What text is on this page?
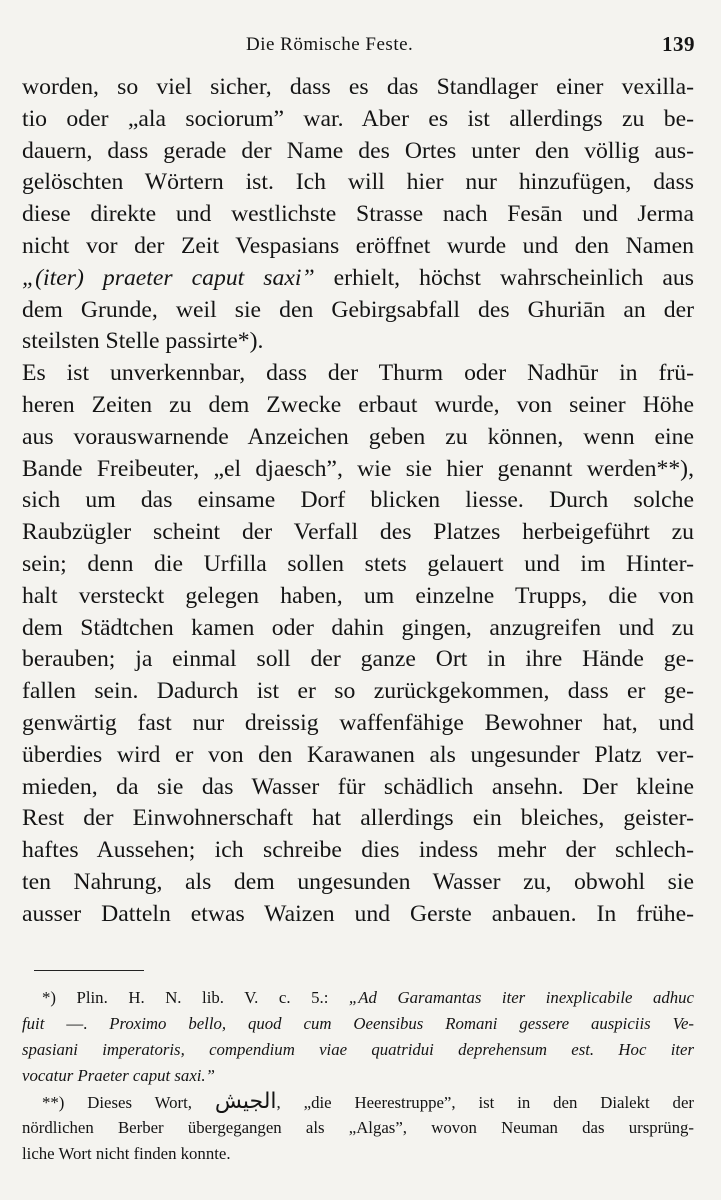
Die Römische Feste.	139
worden, so viel sicher, dass es das Standlager einer vexilla-
tio oder „ala sociorum” war. Aber es ist allerdings zu be-
dauern, dass gerade der Name des Ortes unter den völlig aus-
gelöschten Wörtern ist. Ich will hier nur hinzufügen, dass
diese direkte und westlichste Strasse nach Fesān und Jerma
nicht vor der Zeit Vespasians eröffnet wurde und den Namen
„(iter) praeter caput saxi” erhielt, höchst wahrscheinlich aus
dem Grunde, weil sie den Gebirgsabfall des Ghuriān an der
steilsten Stelle passirte*).
Es ist unverkennbar, dass der Thurm oder Nadhūr in frü-
heren Zeiten zu dem Zwecke erbaut wurde, von seiner Höhe
aus vorauswarnende Anzeichen geben zu können, wenn eine
Bande Freibeuter, „el djaesch”, wie sie hier genannt werden**),
sich um das einsame Dorf blicken liesse. Durch solche
Raubzügler scheint der Verfall des Platzes herbeigeführt zu
sein; denn die Urfilla sollen stets gelauert und im Hinter-
halt versteckt gelegen haben, um einzelne Trupps, die von
dem Städtchen kamen oder dahin gingen, anzugreifen und zu
berauben; ja einmal soll der ganze Ort in ihre Hände ge-
fallen sein. Dadurch ist er so zurückgekommen, dass er ge-
genwärtig fast nur dreissig waffenfähige Bewohner hat, und
überdies wird er von den Karawanen als ungesunder Platz ver-
mieden, da sie das Wasser für schädlich ansehn. Der kleine
Rest der Einwohnerschaft hat allerdings ein bleiches, geister-
haftes Aussehen; ich schreibe dies indess mehr der schlech-
ten Nahrung, als dem ungesunden Wasser zu, obwohl sie
ausser Datteln etwas Waizen und Gerste anbauen. In frühe-
*) Plin. H. N. lib. V. c. 5.: „Ad Garamantas iter inexplicabile adhuc
fuit —. Proximo bello, quod cum Oeensibus Romani gessere auspiciis Ve-
spasiani imperatoris, compendium viae quatridui deprehensum est. Hoc iter
vocatur Praeter caput saxi.”
**) Dieses Wort, الجيش, „die Heerestruppe”, ist in den Dialekt der
nördlichen Berber übergegangen als „Algas”, wovon Neuman das ursprüng-
liche Wort nicht finden konnte.
